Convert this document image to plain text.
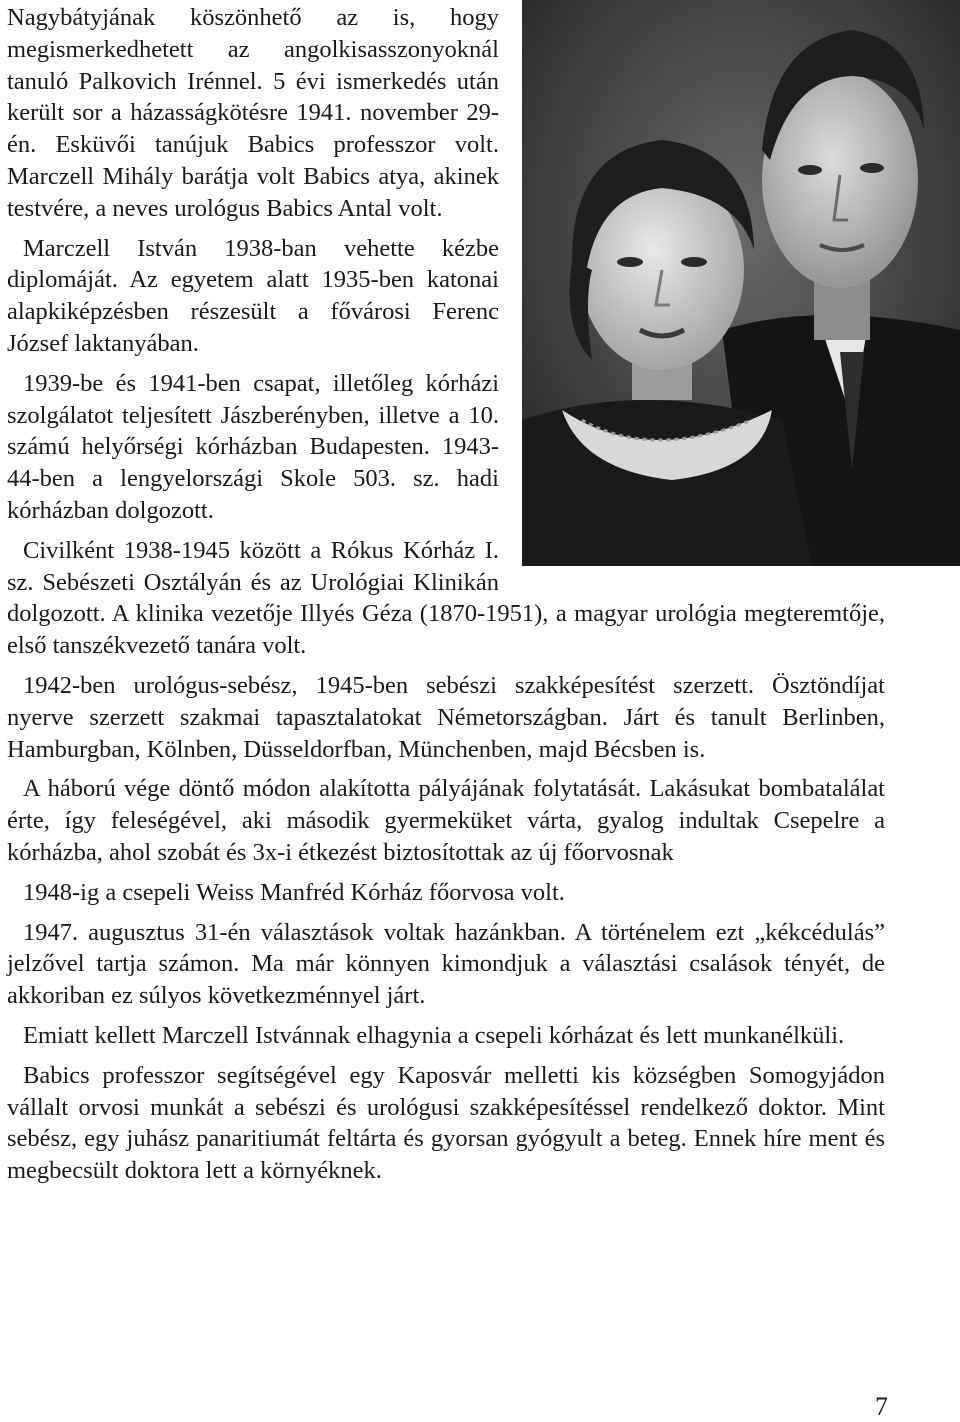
Nagybátyjának köszönhető az is, hogy megismerkedhetett az angolkisasszonyoknál tanuló Palkovich Irénnel. 5 évi ismerkedés után került sor a házasságkötésre 1941. november 29-én. Esküvői tanújuk Babics professzor volt. Marczell Mihály barátja volt Babics atya, akinek testvére, a neves urológus Babics Antal volt.

Marczell István 1938-ban vehette kézbe diplomáját. Az egyetem alatt 1935-ben katonai alapkiképzésben részesült a fővárosi Ferenc József laktanyában.

1939-be és 1941-ben csapat, illetőleg kórházi szolgálatot teljesített Jászberényben, illetve a 10. számú helyőrségi kórházban Budapesten. 1943-44-ben a lengyelországi Skole 503. sz. hadi kórházban dolgozott.

Civilként 1938-1945 között a Rókus Kórház I. sz. Sebészeti Osztályán és az Urológiai Klinikán dolgozott. A klinika vezetője Illyés Géza (1870-1951), a magyar urológia megteremtője, első tanszékvezető tanára volt.

1942-ben urológus-sebész, 1945-ben sebészi szakképesítést szerzett. Ösztöndíjat nyerve szerzett szakmai tapasztalatokat Németországban. Járt és tanult Berlinben, Hamburgban, Kölnben, Düsseldorfban, Münchenben, majd Bécsben is.

A háború vége döntő módon alakította pályájának folytatását. Lakásukat bombatalálat érte, így feleségével, aki második gyermeküket várta, gyalog indultak Csepelre a kórházba, ahol szobát és 3x-i étkezést biztosítottak az új főorvosnak

1948-ig a csepeli Weiss Manfréd Kórház főorvosa volt.

1947. augusztus 31-én választások voltak hazánkban. A történelem ezt „kékcédulás” jelzővel tartja számon. Ma már könnyen kimondjuk a választási csalások tényét, de akkoriban ez súlyos következménnyel járt.

Emiatt kellett Marczell Istvánnak elhagynia a csepeli kórházat és lett munkanélküli.

Babics professzor segítségével egy Kaposvár melletti kis községben Somogyjádon vállalt orvosi munkát a sebészi és urológusi szakképesítéssel rendelkező doktor. Mint sebész, egy juhász panaritiumát feltárta és gyorsan gyógyult a beteg. Ennek híre ment és megbecsült doktora lett a környéknek.

7
